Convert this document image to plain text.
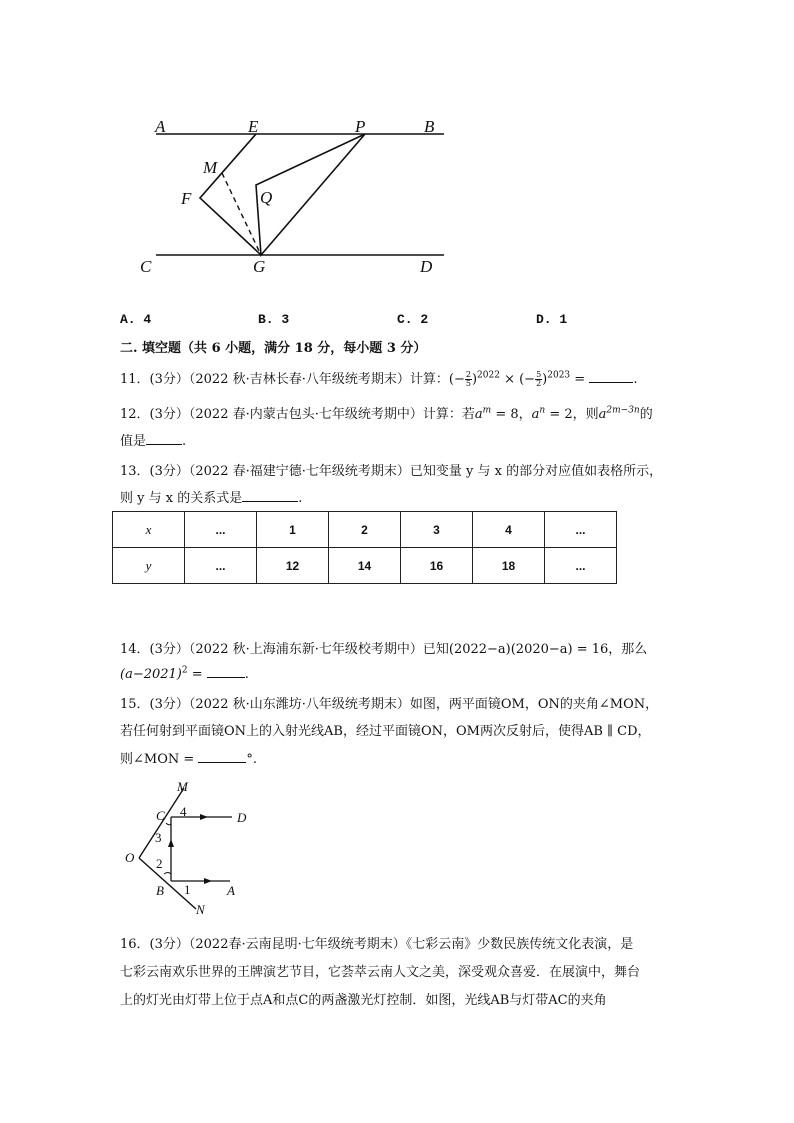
A	E	P	B
M
F	Q
C	G	D
A. 4	B. 3	C. 2	D. 1
二. 填空题（共 6 小题，满分 18 分，每小题 3 分）
11．(3分）（2022 秋·吉林长春·八年级统考期末）计算：(− $\frac{2}{5} )^{2022}$ × (− $\frac{5}{2} )^{2023}$ =	.
12．(3分）（2022 春·内蒙古包头·七年级统考期中）计算：若$a^m = 8$，$a^n = 2$，则$a^{2m-3n}$的
值是	.
13．(3分）（2022 春·福建宁德·七年级统考期末）已知变量 y 与 x 的部分对应值如表格所示，
则 y 与 x 的关系式是	.
x	...	1	2	3	4	...
y	...	12	14	16	18	...
14．(3分）（2022 秋·上海浦东新·七年级校考期中）已知(2022−a)(2020−a) = 16，那么
$(a-2021)^2$ =	.
15．(3分）（2022 秋·山东潍坊·八年级统考期末）如图，两平面镜OM，ON的夹角∠MON，
若任何射到平面镜ON上的入射光线AB，经过平面镜ON，OM两次反射后，使得AB ∥ CD，
则∠MON =	°.
M
C 4	D
3
O 2
B 1	A
N
16．(3分）（2022春·云南昆明·七年级统考期末）《七彩云南》少数民族传统文化表演，是
七彩云南欢乐世界的王牌演艺节目，它荟萃云南人文之美，深受观众喜爱．在展演中，舞台
上的灯光由灯带上位于点A和点C的两盏激光灯控制．如图，光线AB与灯带AC的夹角
